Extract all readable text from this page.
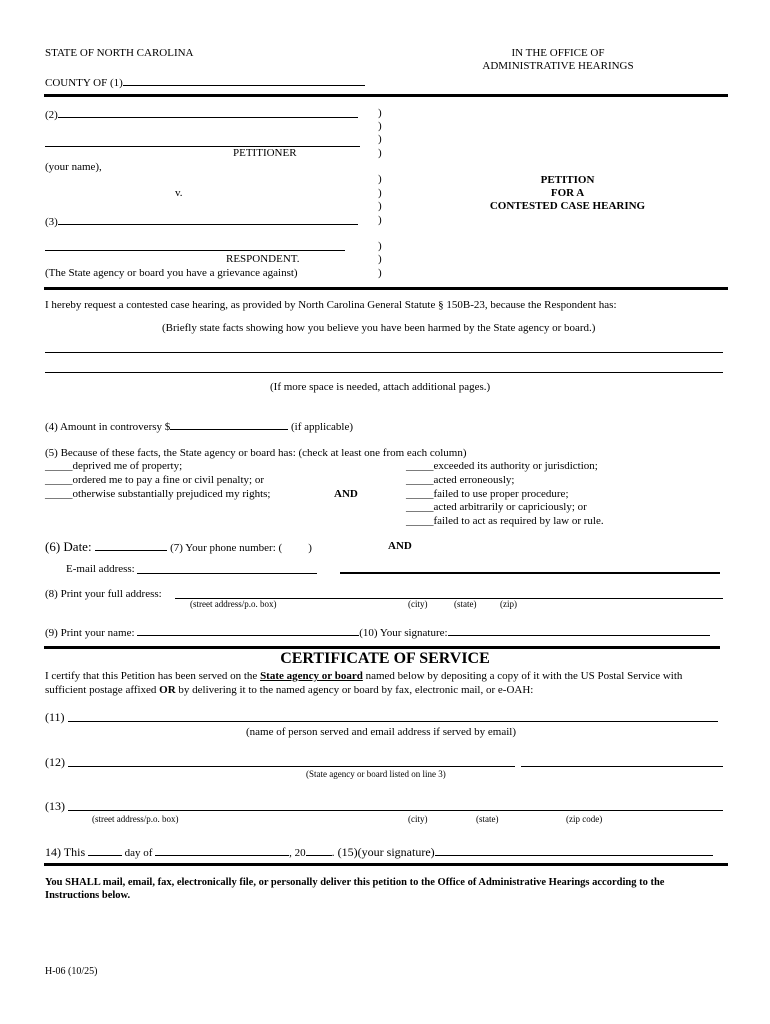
STATE OF NORTH CAROLINA
COUNTY OF (1)
IN THE OFFICE OF
ADMINISTRATIVE HEARINGS
(2)
PETITIONER
(your name),
v.
(3)
RESPONDENT.
(The State agency or board you have a grievance against)
)
)
)
)
)
)
)
)
)
)
)
PETITION
FOR A
CONTESTED CASE HEARING
I hereby request a contested case hearing, as provided by North Carolina General Statute § 150B-23, because the Respondent has:
(Briefly state facts showing how you believe you have been harmed by the State agency or board.)
(If more space is needed, attach additional pages.)
(4) Amount in controversy $	(if applicable)
(5) Because of these facts, the State agency or board has: (check at least one from each column)
_____deprived me of property;
_____ordered me to pay a fine or civil penalty; or
_____otherwise substantially prejudiced my rights;	AND
_____exceeded its authority or jurisdiction;
_____acted erroneously;
_____failed to use proper procedure;
_____acted arbitrarily or capriciously; or
_____failed to act as required by law or rule.
(6) Date:	(7) Your phone number: ( )	AND
E-mail address:
(8) Print your full address:
(street address/p.o. box)	(city)	(state)	(zip)
(9) Print your name:	(10) Your signature:
CERTIFICATE OF SERVICE
I certify that this Petition has been served on the State agency or board named below by depositing a copy of it with the US Postal Service with
sufficient postage affixed OR by delivering it to the named agency or board by fax, electronic mail, or e-OAH:
(11)
(name of person served and email address if served by email)
(12)
(State agency or board listed on line 3)
(13)
(street address/p.o. box)	(city)	(state)	(zip code)
14) This	day of	, 20 . (15)(your signature)
You SHALL mail, email, fax, electronically file, or personally deliver this petition to the Office of Administrative Hearings according to the
Instructions below.
H-06 (10/25)
